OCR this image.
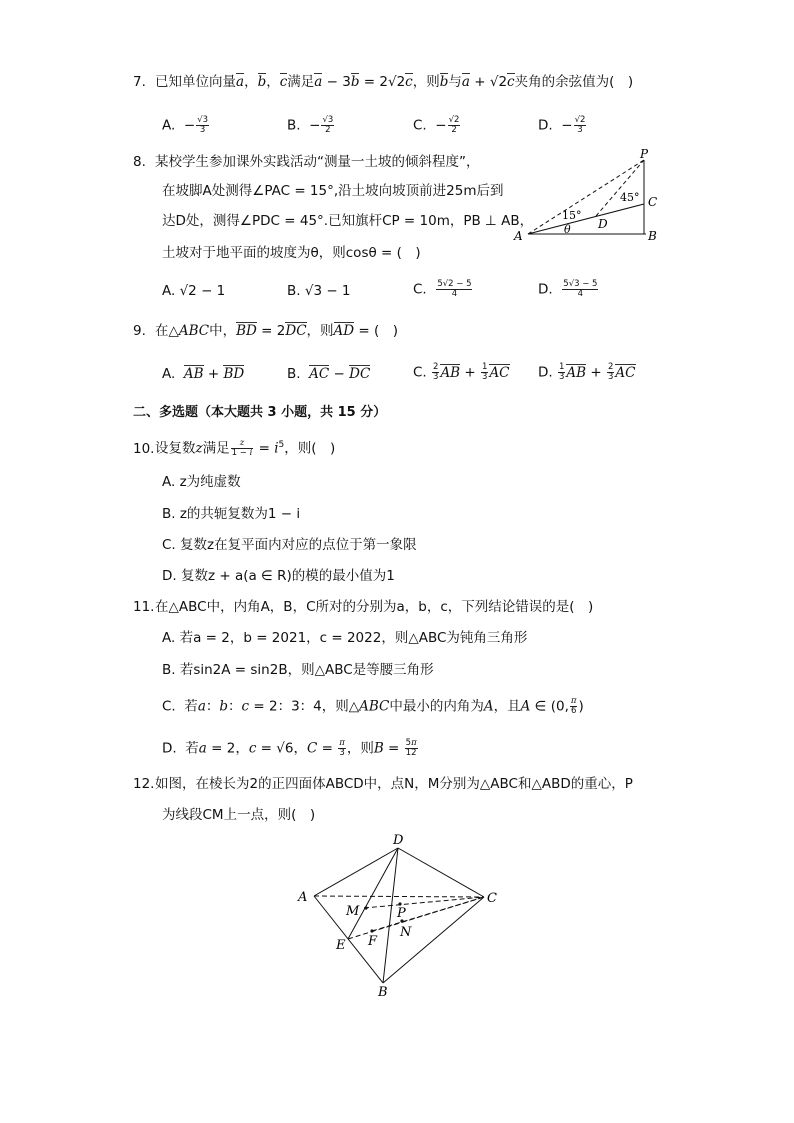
7. 已知单位向量a，b，c满足a − 3b = 2√2c，则b与a + √2c夹角的余弦值为(　)
A.  − $\frac{√3}{3}$	B.  − $\frac{√3}{2}$	C.  − $\frac{√2}{2}$	D.  − $\frac{√2}{3}$
8. 某校学生参加课外实践活动“测量一土坡的倾斜程度”，
在坡脚A处测得∠PAC = 15°,沿土坡向坡顶前进25m后到
达D处，测得∠PDC = 45°.已知旗杆CP = 10m，PB ⊥ AB，
土坡对于地平面的坡度为θ，则cosθ = (　)
P
C
A	B
D
θ
15°
45°
A. √2 − 1	B. √3 − 1	C. $\frac{5√2 - 5}{4}$	D. $\frac{5√3 - 5}{4}$
9. 在△ABC中，BD = 2DC，则AD = (　)
A.  AB + BD	B.  AC − DC	C. $\frac{2}{3}$ AB + $\frac{1}{3}$ AC D. $\frac{1}{3}$ AB + $\frac{2}{3}$ AC
二、多选题（本大题共 3 小题，共 15 分）
10.设复数z满足 $\frac{z}{1 - i} = i^5$，则(　)
A. z为纯虚数
B. z的共轭复数为1 − i
C. 复数z在复平面内对应的点位于第一象限
D. 复数z + a(a ∈ R)的模的最小值为1
11.在△ABC中，内角A，B，C所对的分别为a，b，c，下列结论错误的是(　)
A. 若a = 2，b = 2021，c = 2022，则△ABC为钝角三角形
B. 若sin2A = sin2B，则△ABC是等腰三角形
C.  若a：b：c = 2：3：4，则△ABC中最小的内角为A，且A ∈ (0, $\frac{\pi}{6}$ )
D.  若a = 2，c = √6，$C = \frac{\pi}{3}$ ，则$B = \frac{5\pi}{12}$
12.如图，在棱长为2的正四面体ABCD中，点N，M分别为△ABC和△ABD的重心，P
为线段CM上一点，则(　)
D
A	C
M	P
N
F
E
B
